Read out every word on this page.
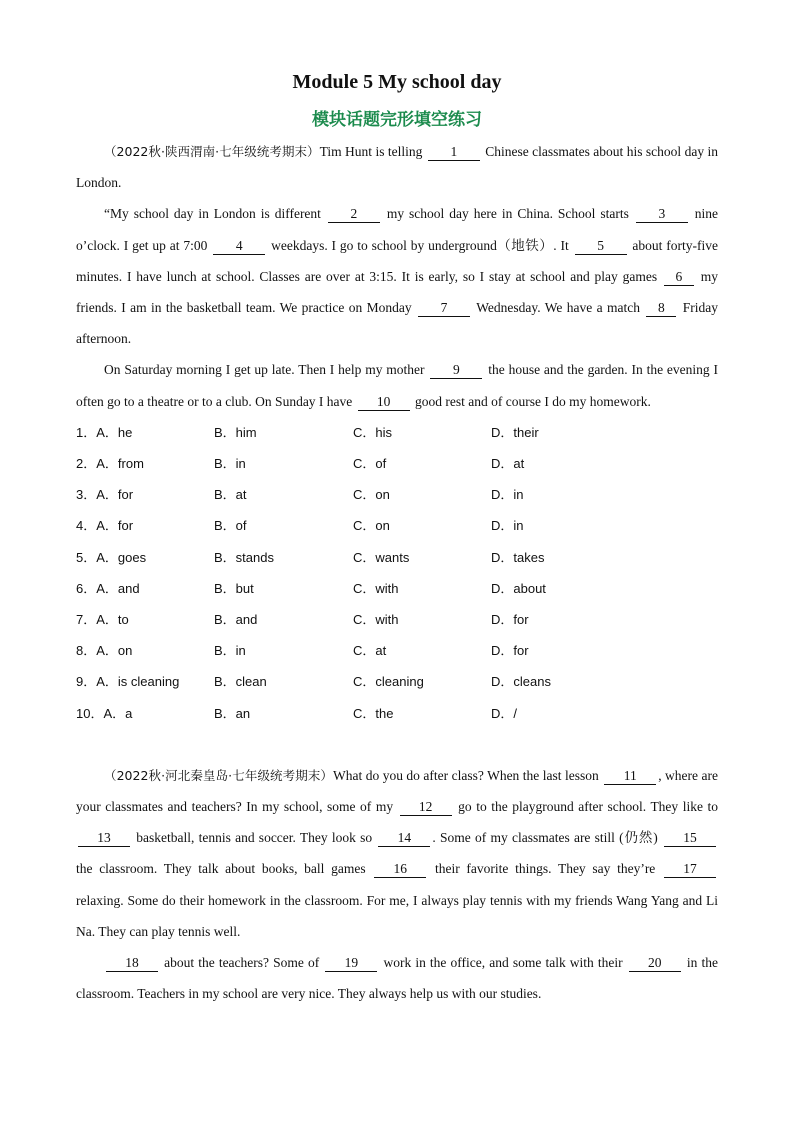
Module 5 My school day
模块话题完形填空练习

（2022秋·陕西渭南·七年级统考期末）Tim Hunt is telling 1 Chinese classmates about his school day in London.

“My school day in London is different 2 my school day here in China. School starts 3 nine o’clock. I get up at 7:00 4 weekdays. I go to school by underground（地铁）. It 5 about forty-five minutes. I have lunch at school. Classes are over at 3:15. It is early, so I stay at school and play games 6 my friends. I am in the basketball team. We practice on Monday 7 Wednesday. We have a match 8 Friday afternoon.

On Saturday morning I get up late. Then I help my mother 9 the house and the garden. In the evening I often go to a theatre or to a club. On Sunday I have 10 good rest and of course I do my homework.

1．A．he	B．him	C．his	D．their
2．A．from	B．in	C．of	D．at
3．A．for	B．at	C．on	D．in
4．A．for	B．of	C．on	D．in
5．A．goes	B．stands	C．wants	D．takes
6．A．and	B．but	C．with	D．about
7．A．to	B．and	C．with	D．for
8．A．on	B．in	C．at	D．for
9．A．is cleaning	B．clean	C．cleaning	D．cleans
10．A．a	B．an	C．the	D．/

（2022秋·河北秦皇岛·七年级统考期末）What do you do after class? When the last lesson 11 , where are your classmates and teachers? In my school, some of my 12 go to the playground after school. They like to 13 basketball, tennis and soccer. They look so 14 . Some of my classmates are still (仍然) 15 the classroom. They talk about books, ball games 16 their favorite things. They say they’re 17 relaxing. Some do their homework in the classroom. For me, I always play tennis with my friends Wang Yang and Li Na. They can play tennis well.

18 about the teachers? Some of 19 work in the office, and some talk with their 20 in the classroom. Teachers in my school are very nice. They always help us with our studies.
